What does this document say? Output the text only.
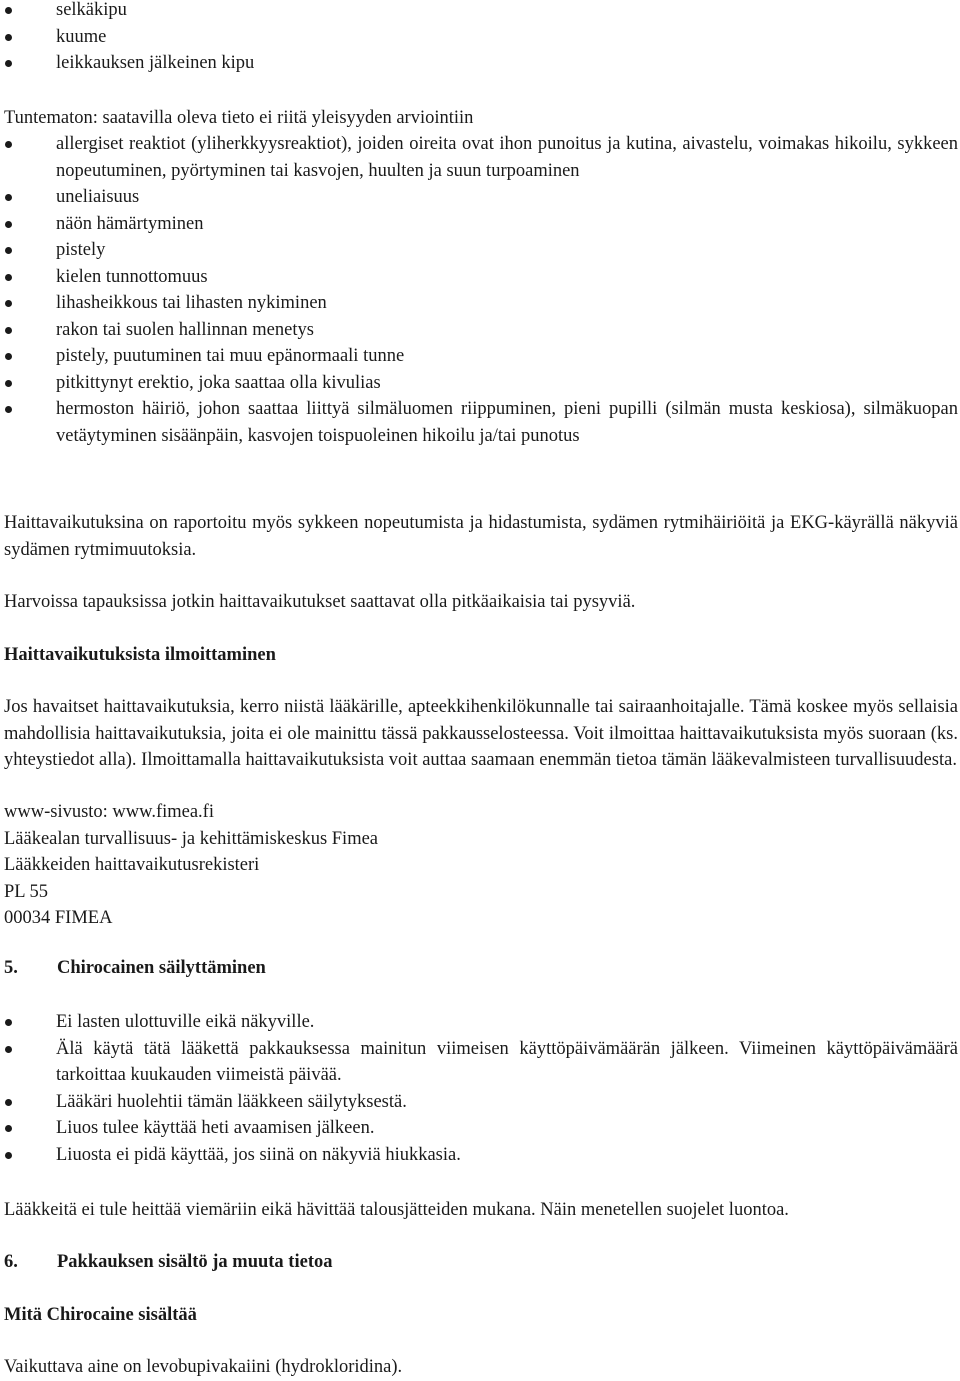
selkäkipu
kuume
leikkauksen jälkeinen kipu

Tuntematon: saatavilla oleva tieto ei riitä yleisyyden arviointiin

allergiset reaktiot (yliherkkyysreaktiot), joiden oireita ovat ihon punoitus ja kutina, aivastelu, voimakas hikoilu, sykkeen nopeutuminen, pyörtyminen tai kasvojen, huulten ja suun turpoaminen
uneliaisuus
näön hämärtyminen
pistely
kielen tunnottomuus
lihasheikkous tai lihasten nykiminen
rakon tai suolen hallinnan menetys
pistely, puutuminen tai muu epänormaali tunne
pitkittynyt erektio, joka saattaa olla kivulias
hermoston häiriö, johon saattaa liittyä silmäluomen riippuminen, pieni pupilli (silmän musta keskiosa), silmäkuopan vetäytyminen sisäänpäin, kasvojen toispuoleinen hikoilu ja/tai punotus

Haittavaikutuksina on raportoitu myös sykkeen nopeutumista ja hidastumista, sydämen rytmihäiriöitä ja EKG-käyrällä näkyviä sydämen rytmimuutoksia.

Harvoissa tapauksissa jotkin haittavaikutukset saattavat olla pitkäaikaisia tai pysyviä.

Haittavaikutuksista ilmoittaminen

Jos havaitset haittavaikutuksia, kerro niistä lääkärille, apteekkihenkilökunnalle tai sairaanhoitajalle. Tämä koskee myös sellaisia mahdollisia haittavaikutuksia, joita ei ole mainittu tässä pakkausselosteessa. Voit ilmoittaa haittavaikutuksista myös suoraan (ks. yhteystiedot alla). Ilmoittamalla haittavaikutuksista voit auttaa saamaan enemmän tietoa tämän lääkevalmisteen turvallisuudesta.

www-sivusto: www.fimea.fi
Lääkealan turvallisuus- ja kehittämiskeskus Fimea
Lääkkeiden haittavaikutusrekisteri
PL 55
00034 FIMEA
5. Chirocainen säilyttäminen
Ei lasten ulottuville eikä näkyville.
Älä käytä tätä lääkettä pakkauksessa mainitun viimeisen käyttöpäivämäärän jälkeen. Viimeinen käyttöpäivämäärä tarkoittaa kuukauden viimeistä päivää.
Lääkäri huolehtii tämän lääkkeen säilytyksestä.
Liuos tulee käyttää heti avaamisen jälkeen.
Liuosta ei pidä käyttää, jos siinä on näkyviä hiukkasia.

Lääkkeitä ei tule heittää viemäriin eikä hävittää talousjätteiden mukana. Näin menetellen suojelet luontoa.

6. Pakkauksen sisältö ja muuta tietoa
Mitä Chirocaine sisältää

Vaikuttava aine on levobupivakaiini (hydrokloridina).
